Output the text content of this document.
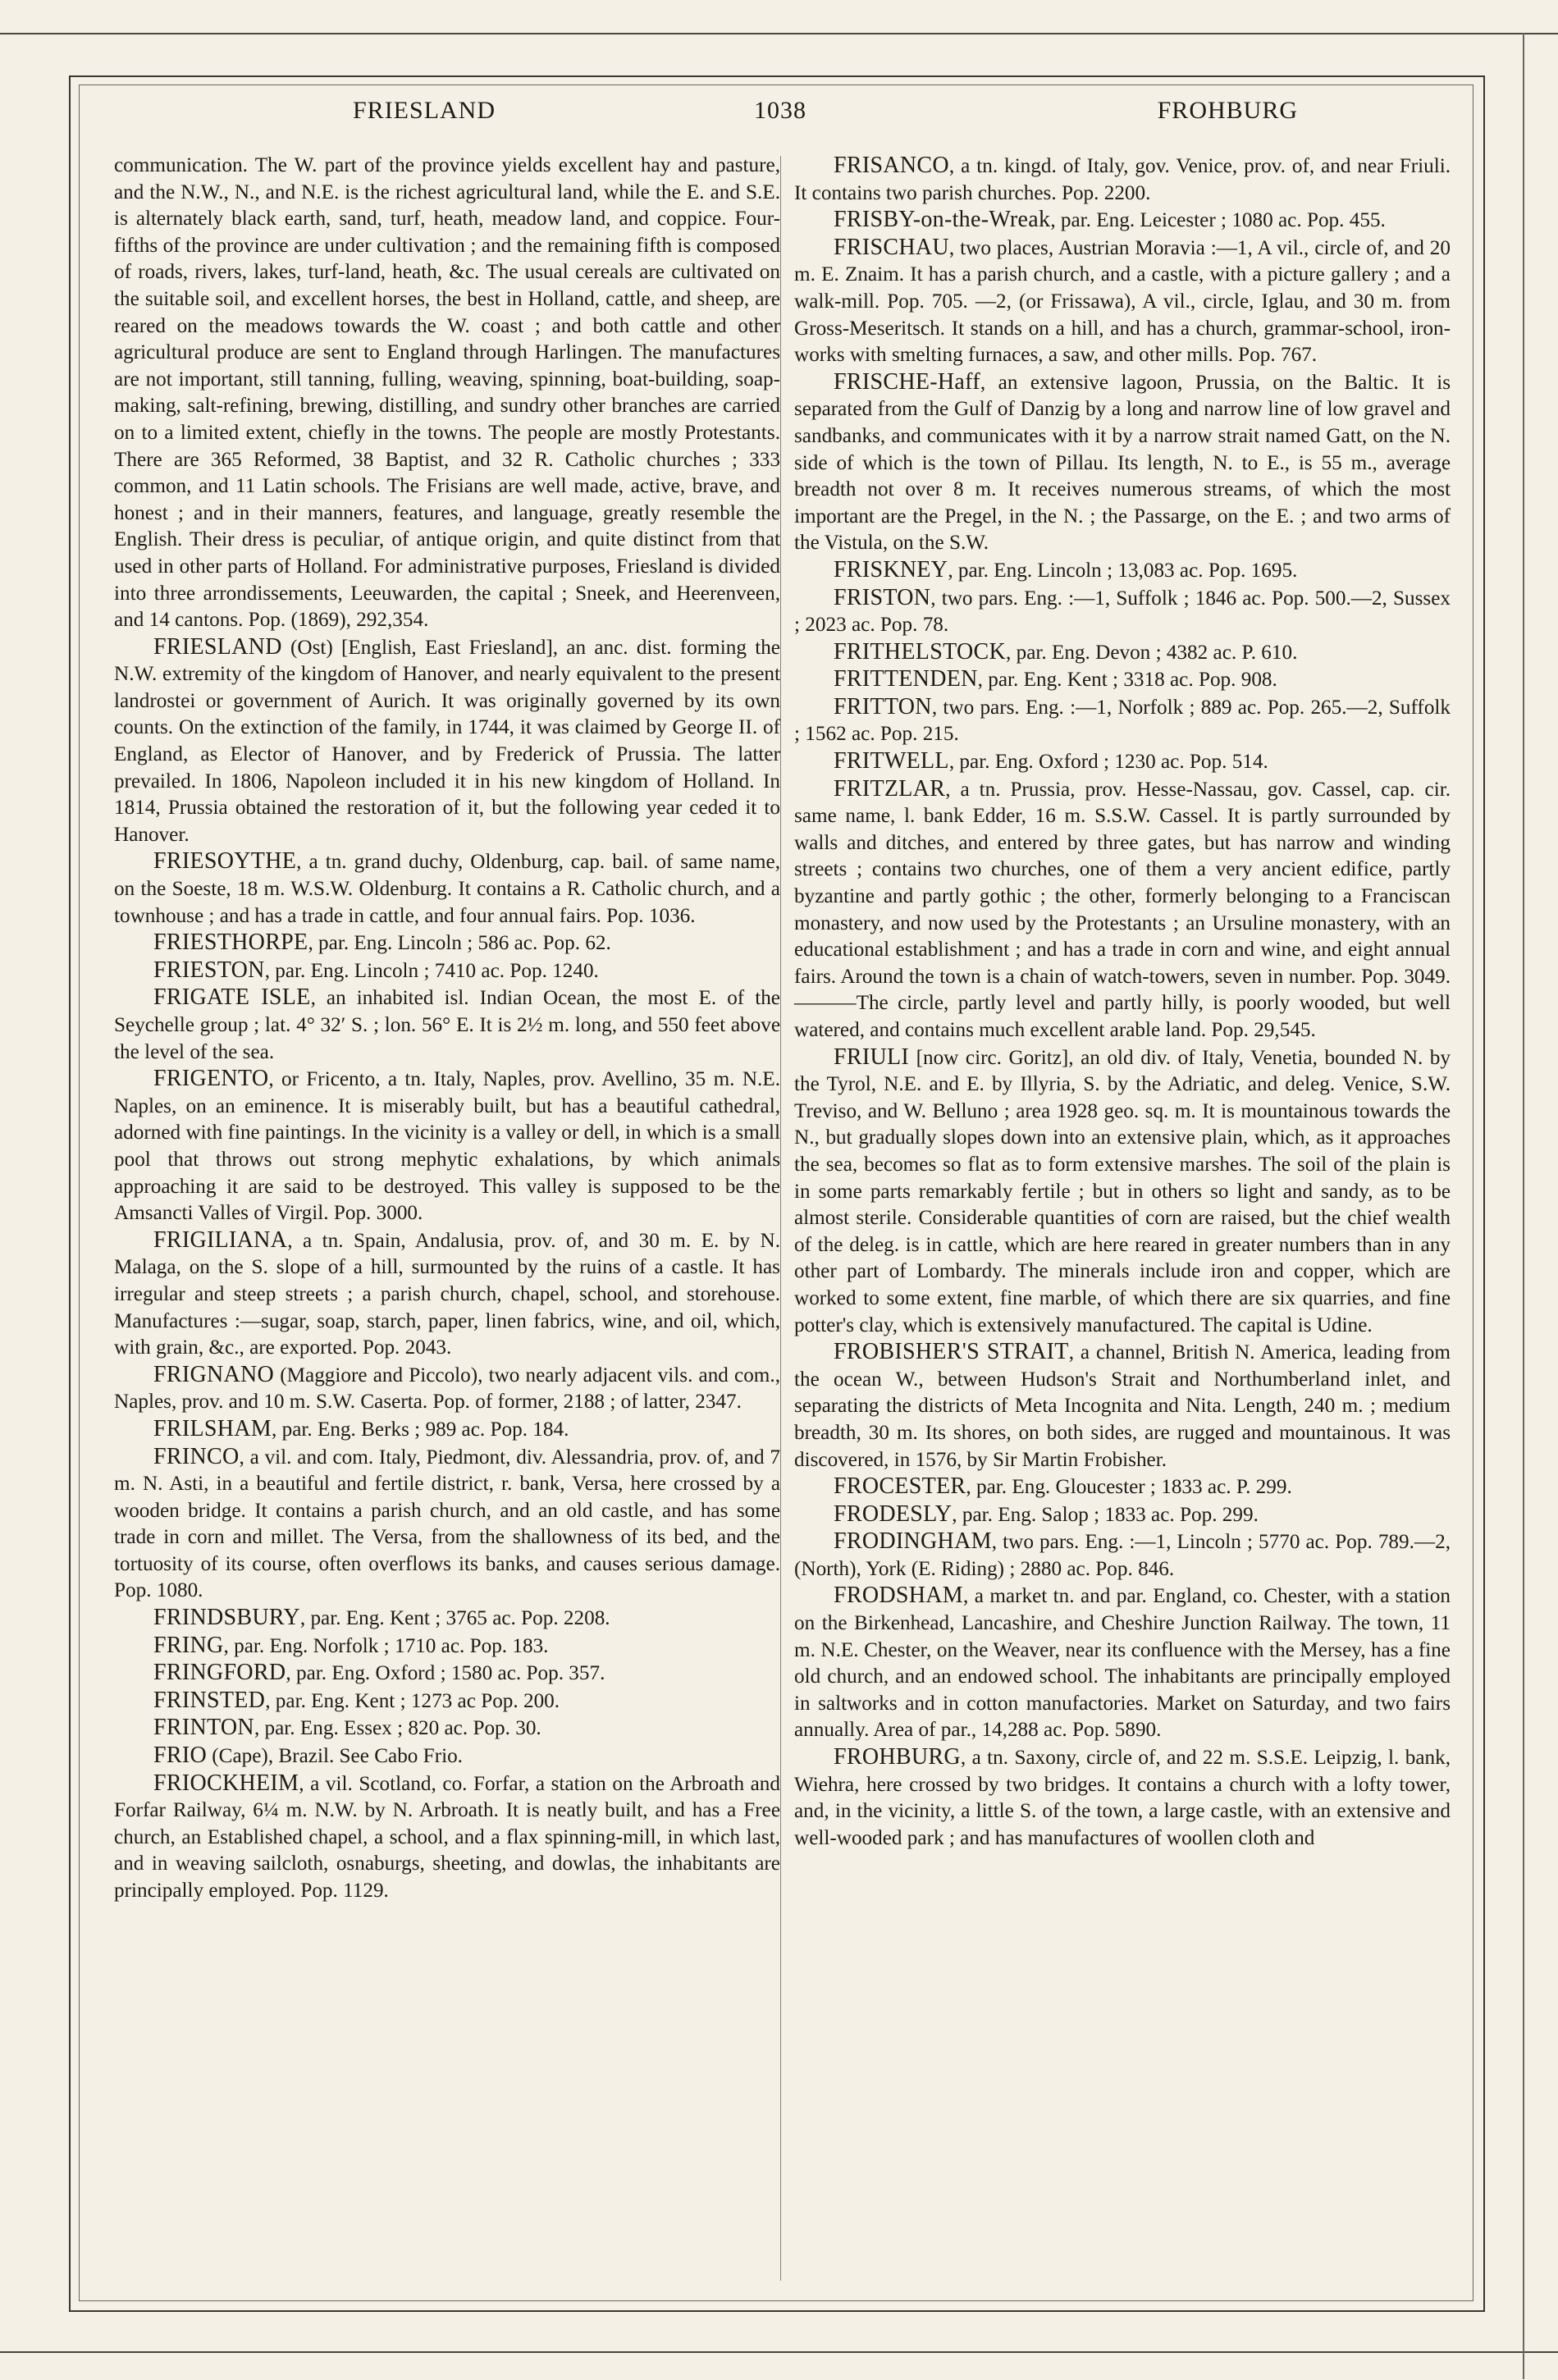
FRIESLAND	1038	FROHBURG

communication. The W. part of the province yields excellent hay and pasture, and the N.W., N., and N.E. is the richest agricultural land, while the E. and S.E. is alternately black earth, sand, turf, heath, meadow land, and coppice. Four-fifths of the province are under cultivation ; and the remaining fifth is composed of roads, rivers, lakes, turf-land, heath, &c. The usual cereals are cultivated on the suitable soil, and excellent horses, the best in Holland, cattle, and sheep, are reared on the meadows towards the W. coast ; and both cattle and other agricultural produce are sent to England through Harlingen. The manufactures are not important, still tanning, fulling, weaving, spinning, boat-building, soap-making, salt-refining, brewing, distilling, and sundry other branches are carried on to a limited extent, chiefly in the towns. The people are mostly Protestants. There are 365 Reformed, 38 Baptist, and 32 R. Catholic churches ; 333 common, and 11 Latin schools. The Frisians are well made, active, brave, and honest ; and in their manners, features, and language, greatly resemble the English. Their dress is peculiar, of antique origin, and quite distinct from that used in other parts of Holland. For administrative purposes, Friesland is divided into three arrondissements, Leeuwarden, the capital ; Sneek, and Heerenveen, and 14 cantons. Pop. (1869), 292,354.

FRIESLAND (Ost) [English, East Friesland], an anc. dist. forming the N.W. extremity of the kingdom of Hanover, and nearly equivalent to the present landrostei or government of Aurich. It was originally governed by its own counts. On the extinction of the family, in 1744, it was claimed by George II. of England, as Elector of Hanover, and by Frederick of Prussia. The latter prevailed. In 1806, Napoleon included it in his new kingdom of Holland. In 1814, Prussia obtained the restoration of it, but the following year ceded it to Hanover.

FRIESOYTHE, a tn. grand duchy, Oldenburg, cap. bail. of same name, on the Soeste, 18 m. W.S.W. Oldenburg. It contains a R. Catholic church, and a townhouse ; and has a trade in cattle, and four annual fairs. Pop. 1036.

FRIESTHORPE, par. Eng. Lincoln ; 586 ac. Pop. 62.

FRIESTON, par. Eng. Lincoln ; 7410 ac. Pop. 1240.

FRIGATE ISLE, an inhabited isl. Indian Ocean, the most E. of the Seychelle group ; lat. 4° 32′ S. ; lon. 56° E. It is 2½ m. long, and 550 feet above the level of the sea.

FRIGENTO, or Fricento, a tn. Italy, Naples, prov. Avellino, 35 m. N.E. Naples, on an eminence. It is miserably built, but has a beautiful cathedral, adorned with fine paintings. In the vicinity is a valley or dell, in which is a small pool that throws out strong mephytic exhalations, by which animals approaching it are said to be destroyed. This valley is supposed to be the Amsancti Valles of Virgil. Pop. 3000.

FRIGILIANA, a tn. Spain, Andalusia, prov. of, and 30 m. E. by N. Malaga, on the S. slope of a hill, surmounted by the ruins of a castle. It has irregular and steep streets ; a parish church, chapel, school, and storehouse. Manufactures :—sugar, soap, starch, paper, linen fabrics, wine, and oil, which, with grain, &c., are exported. Pop. 2043.

FRIGNANO (Maggiore and Piccolo), two nearly adjacent vils. and com., Naples, prov. and 10 m. S.W. Caserta. Pop. of former, 2188 ; of latter, 2347.

FRILSHAM, par. Eng. Berks ; 989 ac. Pop. 184.

FRINCO, a vil. and com. Italy, Piedmont, div. Alessandria, prov. of, and 7 m. N. Asti, in a beautiful and fertile district, r. bank, Versa, here crossed by a wooden bridge. It contains a parish church, and an old castle, and has some trade in corn and millet. The Versa, from the shallowness of its bed, and the tortuosity of its course, often overflows its banks, and causes serious damage. Pop. 1080.

FRINDSBURY, par. Eng. Kent ; 3765 ac. Pop. 2208.

FRING, par. Eng. Norfolk ; 1710 ac. Pop. 183.

FRINGFORD, par. Eng. Oxford ; 1580 ac. Pop. 357.

FRINSTED, par. Eng. Kent ; 1273 ac Pop. 200.

FRINTON, par. Eng. Essex ; 820 ac. Pop. 30.

FRIO (Cape), Brazil. See Cabo Frio.

FRIOCKHEIM, a vil. Scotland, co. Forfar, a station on the Arbroath and Forfar Railway, 6¼ m. N.W. by N. Arbroath. It is neatly built, and has a Free church, an Established chapel, a school, and a flax spinning-mill, in which last, and in weaving sailcloth, osnaburgs, sheeting, and dowlas, the inhabitants are principally employed. Pop. 1129.

FRISANCO, a tn. kingd. of Italy, gov. Venice, prov. of, and near Friuli. It contains two parish churches. Pop. 2200.

FRISBY-on-the-Wreak, par. Eng. Leicester ; 1080 ac. Pop. 455.

FRISCHAU, two places, Austrian Moravia :—1, A vil., circle of, and 20 m. E. Znaim. It has a parish church, and a castle, with a picture gallery ; and a walk-mill. Pop. 705. —2, (or Frissawa), A vil., circle, Iglau, and 30 m. from Gross-Meseritsch. It stands on a hill, and has a church, grammar-school, iron-works with smelting furnaces, a saw, and other mills. Pop. 767.

FRISCHE-Haff, an extensive lagoon, Prussia, on the Baltic. It is separated from the Gulf of Danzig by a long and narrow line of low gravel and sandbanks, and communicates with it by a narrow strait named Gatt, on the N. side of which is the town of Pillau. Its length, N. to E., is 55 m., average breadth not over 8 m. It receives numerous streams, of which the most important are the Pregel, in the N. ; the Passarge, on the E. ; and two arms of the Vistula, on the S.W.

FRISKNEY, par. Eng. Lincoln ; 13,083 ac. Pop. 1695.

FRISTON, two pars. Eng. :—1, Suffolk ; 1846 ac. Pop. 500.—2, Sussex ; 2023 ac. Pop. 78.

FRITHELSTOCK, par. Eng. Devon ; 4382 ac. P. 610.

FRITTENDEN, par. Eng. Kent ; 3318 ac. Pop. 908.

FRITTON, two pars. Eng. :—1, Norfolk ; 889 ac. Pop. 265.—2, Suffolk ; 1562 ac. Pop. 215.

FRITWELL, par. Eng. Oxford ; 1230 ac. Pop. 514.

FRITZLAR, a tn. Prussia, prov. Hesse-Nassau, gov. Cassel, cap. cir. same name, l. bank Edder, 16 m. S.S.W. Cassel. It is partly surrounded by walls and ditches, and entered by three gates, but has narrow and winding streets ; contains two churches, one of them a very ancient edifice, partly byzantine and partly gothic ; the other, formerly belonging to a Franciscan monastery, and now used by the Protestants ; an Ursuline monastery, with an educational establishment ; and has a trade in corn and wine, and eight annual fairs. Around the town is a chain of watch-towers, seven in number. Pop. 3049.———The circle, partly level and partly hilly, is poorly wooded, but well watered, and contains much excellent arable land. Pop. 29,545.

FRIULI [now circ. Goritz], an old div. of Italy, Venetia, bounded N. by the Tyrol, N.E. and E. by Illyria, S. by the Adriatic, and deleg. Venice, S.W. Treviso, and W. Belluno ; area 1928 geo. sq. m. It is mountainous towards the N., but gradually slopes down into an extensive plain, which, as it approaches the sea, becomes so flat as to form extensive marshes. The soil of the plain is in some parts remarkably fertile ; but in others so light and sandy, as to be almost sterile. Considerable quantities of corn are raised, but the chief wealth of the deleg. is in cattle, which are here reared in greater numbers than in any other part of Lombardy. The minerals include iron and copper, which are worked to some extent, fine marble, of which there are six quarries, and fine potter's clay, which is extensively manufactured. The capital is Udine.

FROBISHER'S STRAIT, a channel, British N. America, leading from the ocean W., between Hudson's Strait and Northumberland inlet, and separating the districts of Meta Incognita and Nita. Length, 240 m. ; medium breadth, 30 m. Its shores, on both sides, are rugged and mountainous. It was discovered, in 1576, by Sir Martin Frobisher.

FROCESTER, par. Eng. Gloucester ; 1833 ac. P. 299.

FRODESLY, par. Eng. Salop ; 1833 ac. Pop. 299.

FRODINGHAM, two pars. Eng. :—1, Lincoln ; 5770 ac. Pop. 789.—2, (North), York (E. Riding) ; 2880 ac. Pop. 846.

FRODSHAM, a market tn. and par. England, co. Chester, with a station on the Birkenhead, Lancashire, and Cheshire Junction Railway. The town, 11 m. N.E. Chester, on the Weaver, near its confluence with the Mersey, has a fine old church, and an endowed school. The inhabitants are principally employed in saltworks and in cotton manufactories. Market on Saturday, and two fairs annually. Area of par., 14,288 ac. Pop. 5890.

FROHBURG, a tn. Saxony, circle of, and 22 m. S.S.E. Leipzig, l. bank, Wiehra, here crossed by two bridges. It contains a church with a lofty tower, and, in the vicinity, a little S. of the town, a large castle, with an extensive and well-wooded park ; and has manufactures of woollen cloth and
